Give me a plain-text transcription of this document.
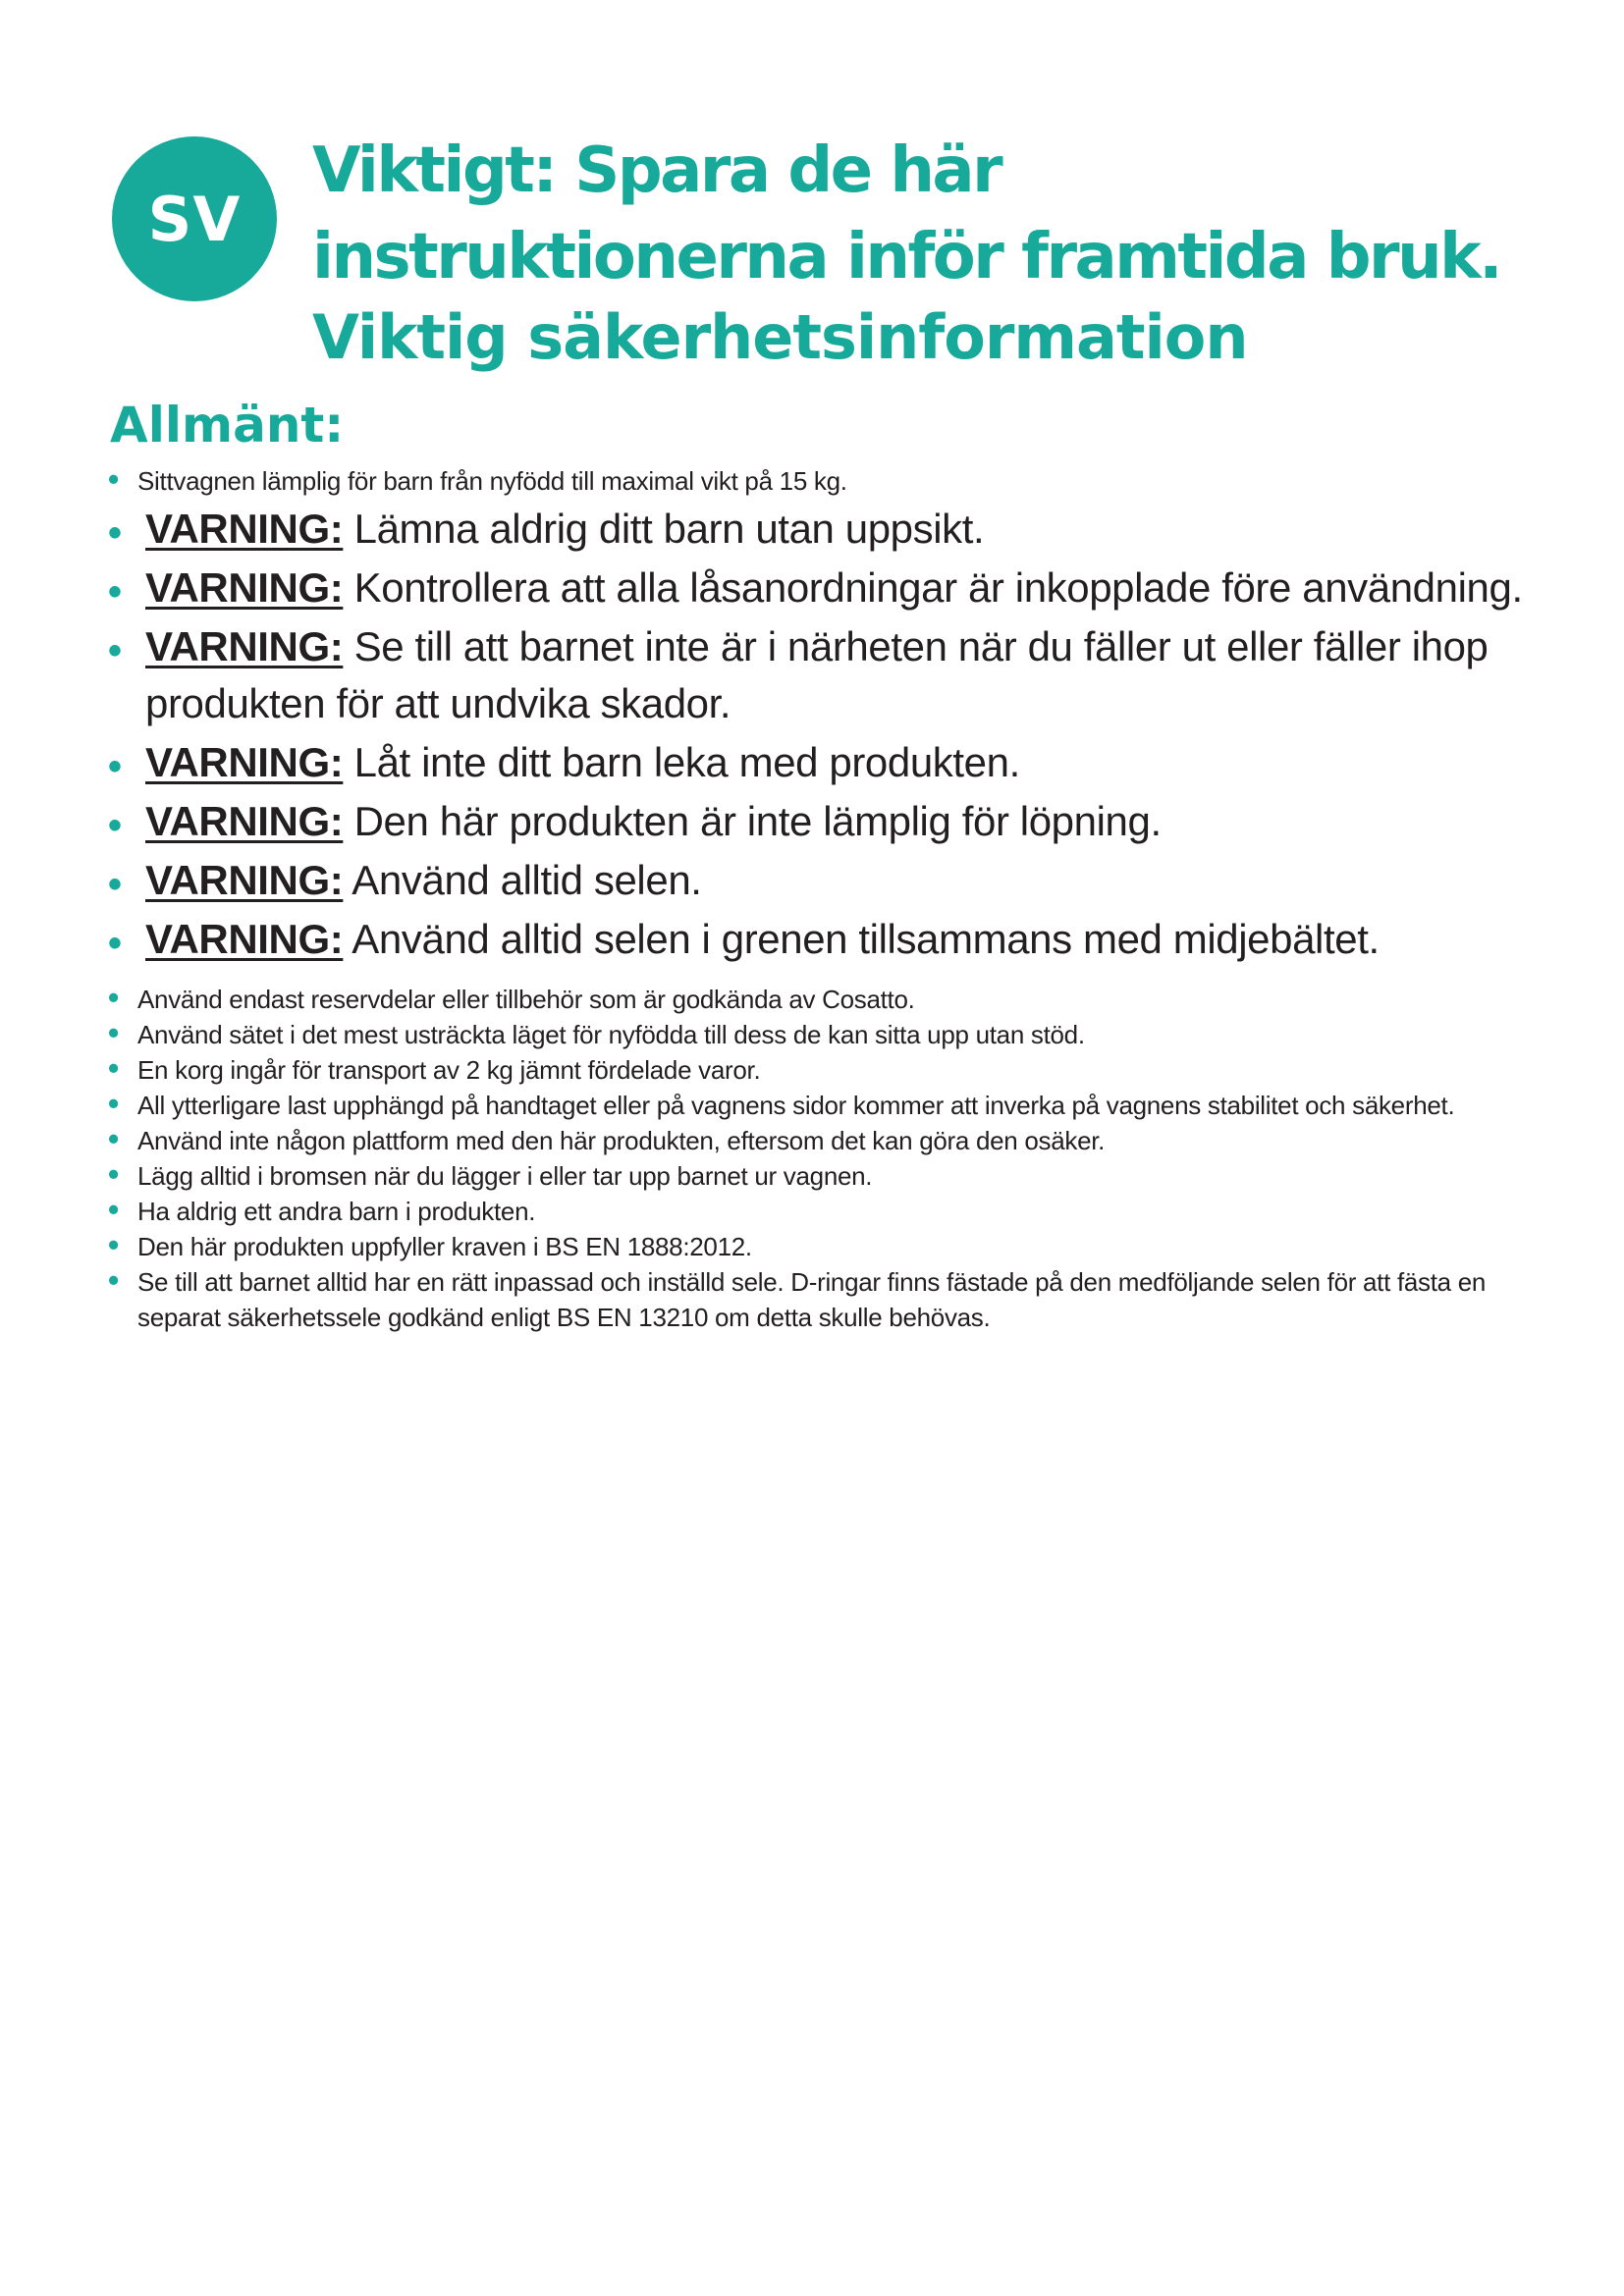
SV
Viktigt: Spara de här
instruktionerna inför framtida bruk.
Viktig säkerhetsinformation
Allmänt:
• Sittvagnen lämplig för barn från nyfödd till maximal vikt på 15 kg.
• VARNING: Lämna aldrig ditt barn utan uppsikt.
• VARNING: Kontrollera att alla låsanordningar är inkopplade före användning.
• VARNING: Se till att barnet inte är i närheten när du fäller ut eller fäller ihop produkten för att undvika skador.
• VARNING: Låt inte ditt barn leka med produkten.
• VARNING: Den här produkten är inte lämplig för löpning.
• VARNING: Använd alltid selen.
• VARNING: Använd alltid selen i grenen tillsammans med midjebältet.
• Använd endast reservdelar eller tillbehör som är godkända av Cosatto.
• Använd sätet i det mest usträckta läget för nyfödda till dess de kan sitta upp utan stöd.
• En korg ingår för transport av 2 kg jämnt fördelade varor.
• All ytterligare last upphängd på handtaget eller på vagnens sidor kommer att inverka på vagnens stabilitet och säkerhet.
• Använd inte någon plattform med den här produkten, eftersom det kan göra den osäker.
• Lägg alltid i bromsen när du lägger i eller tar upp barnet ur vagnen.
• Ha aldrig ett andra barn i produkten.
• Den här produkten uppfyller kraven i BS EN 1888:2012.
• Se till att barnet alltid har en rätt inpassad och inställd sele. D-ringar finns fästade på den medföljande selen för att fästa en separat säkerhetssele godkänd enligt BS EN 13210 om detta skulle behövas.
